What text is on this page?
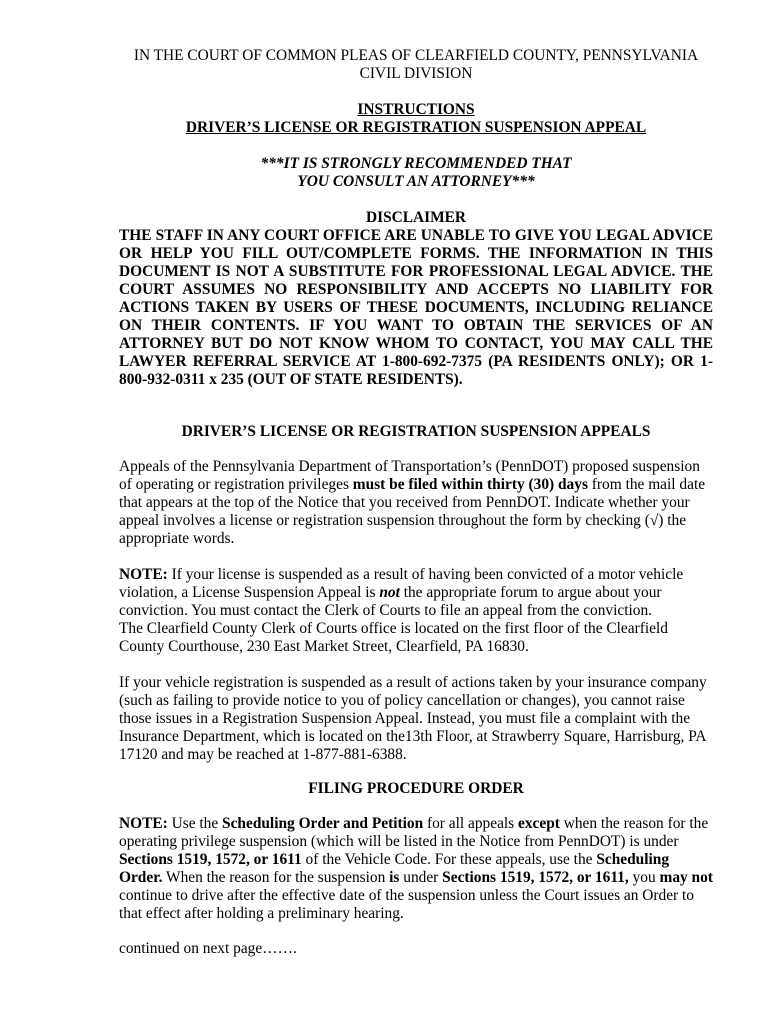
IN THE COURT OF COMMON PLEAS OF CLEARFIELD COUNTY, PENNSYLVANIA

CIVIL DIVISION

INSTRUCTIONS

DRIVER’S LICENSE OR REGISTRATION SUSPENSION APPEAL

***IT IS STRONGLY RECOMMENDED THAT

YOU CONSULT AN ATTORNEY***

DISCLAIMER

THE STAFF IN ANY COURT OFFICE ARE UNABLE TO GIVE YOU LEGAL ADVICE OR HELP YOU FILL OUT/COMPLETE FORMS. THE INFORMATION IN THIS DOCUMENT IS NOT A SUBSTITUTE FOR PROFESSIONAL LEGAL ADVICE. THE COURT ASSUMES NO RESPONSIBILITY AND ACCEPTS NO LIABILITY FOR ACTIONS TAKEN BY USERS OF THESE DOCUMENTS, INCLUDING RELIANCE ON THEIR CONTENTS. IF YOU WANT TO OBTAIN THE SERVICES OF AN ATTORNEY BUT DO NOT KNOW WHOM TO CONTACT, YOU MAY CALL THE LAWYER REFERRAL SERVICE AT 1-800-692-7375 (PA RESIDENTS ONLY); OR 1-800-932-0311 x 235 (OUT OF STATE RESIDENTS).

DRIVER’S LICENSE OR REGISTRATION SUSPENSION APPEALS

Appeals of the Pennsylvania Department of Transportation’s (PennDOT) proposed suspension of operating or registration privileges must be filed within thirty (30) days from the mail date that appears at the top of the Notice that you received from PennDOT. Indicate whether your appeal involves a license or registration suspension throughout the form by checking (√) the appropriate words.

NOTE: If your license is suspended as a result of having been convicted of a motor vehicle violation, a License Suspension Appeal is not the appropriate forum to argue about your conviction. You must contact the Clerk of Courts to file an appeal from the conviction.

The Clearfield County Clerk of Courts office is located on the first floor of the Clearfield County Courthouse, 230 East Market Street, Clearfield, PA 16830.

If your vehicle registration is suspended as a result of actions taken by your insurance company (such as failing to provide notice to you of policy cancellation or changes), you cannot raise those issues in a Registration Suspension Appeal. Instead, you must file a complaint with the Insurance Department, which is located on the13th Floor, at Strawberry Square, Harrisburg, PA 17120 and may be reached at 1-877-881-6388.

FILING PROCEDURE ORDER

NOTE: Use the Scheduling Order and Petition for all appeals except when the reason for the operating privilege suspension (which will be listed in the Notice from PennDOT) is under Sections 1519, 1572, or 1611 of the Vehicle Code. For these appeals, use the Scheduling Order. When the reason for the suspension is under Sections 1519, 1572, or 1611, you may not continue to drive after the effective date of the suspension unless the Court issues an Order to that effect after holding a preliminary hearing.

continued on next page…….
